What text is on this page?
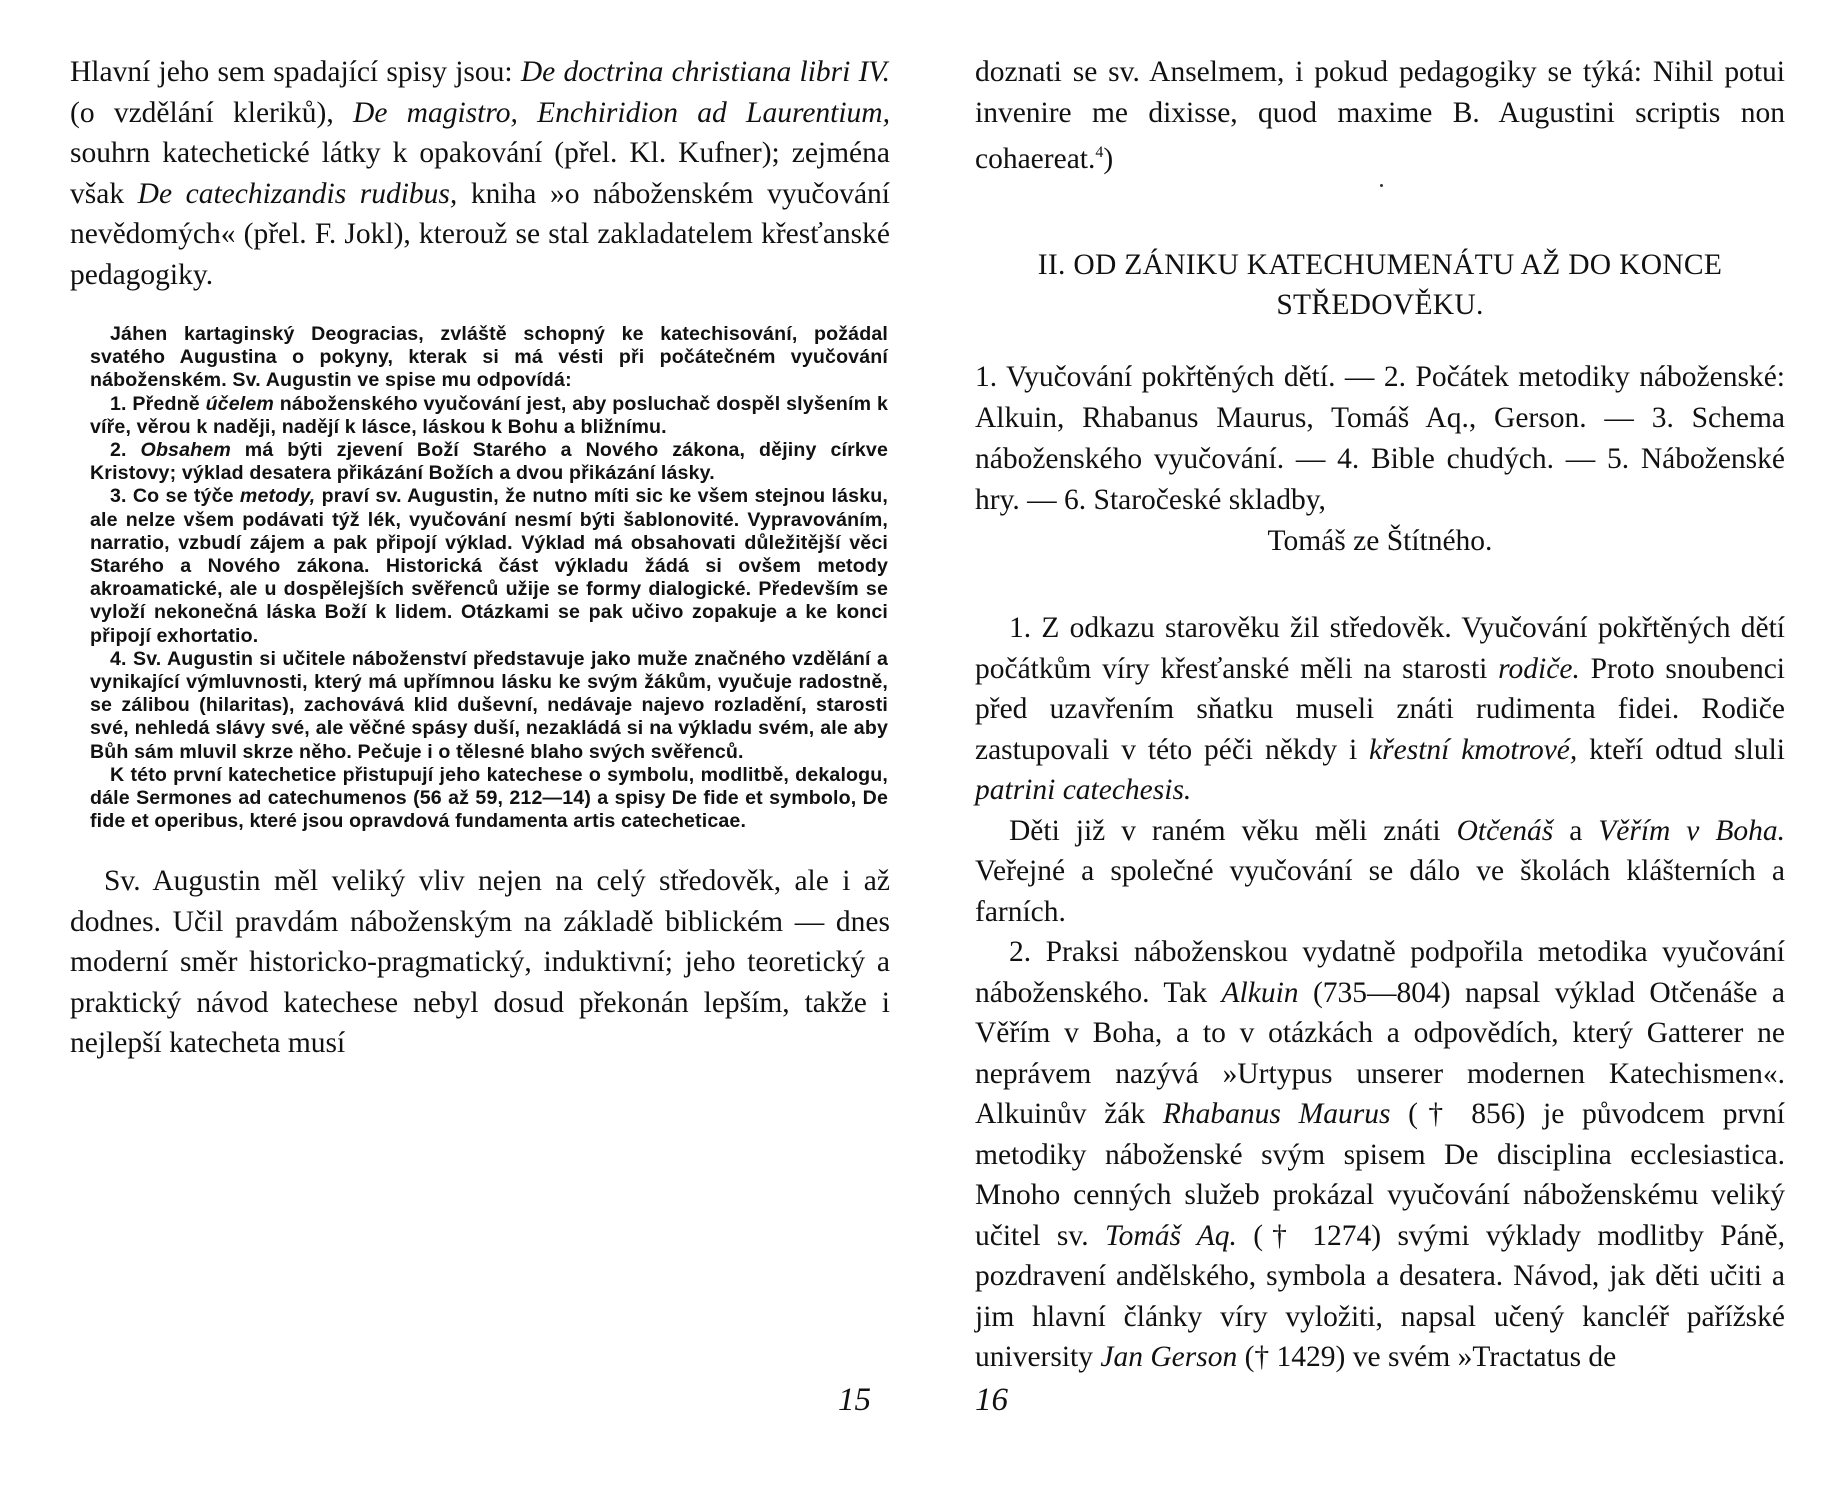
Hlavní jeho sem spadající spisy jsou: De doctrina christiana libri IV. (o vzdělání kleriků), De magistro, Enchiridion ad Laurentium, souhrn katechetické látky k opakování (přel. Kl. Kufner); zejména však De catechizandis rudibus, kniha »o náboženském vyučování nevědomých« (přel. F. Jokl), kterouž se stal zakladatelem křesťanské pedagogiky.

Jáhen kartaginský Deogracias, zvláště schopný ke katechisování, požádal svatého Augustina o pokyny, kterak si má vésti při počátečném vyučování náboženském. Sv. Augustin ve spise mu odpovídá:

1. Předně účelem náboženského vyučování jest, aby posluchač dospěl slyšením k víře, věrou k naději, nadějí k lásce, láskou k Bohu a bližnímu.

2. Obsahem má býti zjevení Boží Starého a Nového zákona, dějiny církve Kristovy; výklad desatera přikázání Božích a dvou přikázání lásky.

3. Co se týče metody, praví sv. Augustin, že nutno míti sic ke všem stejnou lásku, ale nelze všem podávati týž lék, vyučování nesmí býti šablonovité. Vypravováním, narratio, vzbudí zájem a pak připojí výklad. Výklad má obsahovati důležitější věci Starého a Nového zákona. Historická část výkladu žádá si ovšem metody akroamatické, ale u dospělejších svěřenců užije se formy dialogické. Především se vyloží nekonečná láska Boží k lidem. Otázkami se pak učivo zopakuje a ke konci připojí exhortatio.

4. Sv. Augustin si učitele náboženství představuje jako muže značného vzdělání a vynikající výmluvnosti, který má upřímnou lásku ke svým žákům, vyučuje radostně, se zálibou (hilaritas), zachovává klid duševní, nedávaje najevo rozladění, starosti své, nehledá slávy své, ale věčné spásy duší, nezakládá si na výkladu svém, ale aby Bůh sám mluvil skrze něho. Pečuje i o tělesné blaho svých svěřenců.

K této první katechetice přistupují jeho katechese o symbolu, modlitbě, dekalogu, dále Sermones ad catechumenos (56 až 59, 212—14) a spisy De fide et symbolo, De fide et operibus, které jsou opravdová fundamenta artis catecheticae.

Sv. Augustin měl veliký vliv nejen na celý středověk, ale i až dodnes. Učil pravdám náboženským na základě biblickém — dnes moderní směr historicko-pragmatický, induktivní; jeho teoretický a praktický návod katechese nebyl dosud překonán lepším, takže i nejlepší katecheta musí

15

doznati se sv. Anselmem, i pokud pedagogiky se týká: Nihil potui invenire me dixisse, quod maxime B. Augustini scriptis non cohaereat.$^4$)

II. OD ZÁNIKU KATECHUMENÁTU AŽ DO KONCE STŘEDOVĚKU.

1. Vyučování pokřtěných dětí. — 2. Počátek metodiky náboženské: Alkuin, Rhabanus Maurus, Tomáš Aq., Gerson. — 3. Schema náboženského vyučování. — 4. Bible chudých. — 5. Náboženské hry. — 6. Staročeské skladby,

Tomáš ze Štítného.

1. Z odkazu starověku žil středověk. Vyučování pokřtěných dětí počátkům víry křesťanské měli na starosti rodiče. Proto snoubenci před uzavřením sňatku museli znáti rudimenta fidei. Rodiče zastupovali v této péči někdy i křestní kmotrové, kteří odtud sluli patrini catechesis.

Děti již v raném věku měli znáti Otčenáš a Věřím v Boha. Veřejné a společné vyučování se dálo ve školách klášterních a farních.

2. Praksi náboženskou vydatně podpořila metodika vyučování náboženského. Tak Alkuin (735—804) napsal výklad Otčenáše a Věřím v Boha, a to v otázkách a odpovědích, který Gatterer ne neprávem nazývá »Urtypus unserer modernen Katechismen«. Alkuinův žák Rhabanus Maurus († 856) je původcem první metodiky náboženské svým spisem De disciplina ecclesiastica. Mnoho cenných služeb prokázal vyučování náboženskému veliký učitel sv. Tomáš Aq. († 1274) svými výklady modlitby Páně, pozdravení andělského, symbola a desatera. Návod, jak děti učiti a jim hlavní články víry vyložiti, napsal učený kancléř pařížské university Jan Gerson († 1429) ve svém »Tractatus de

16
